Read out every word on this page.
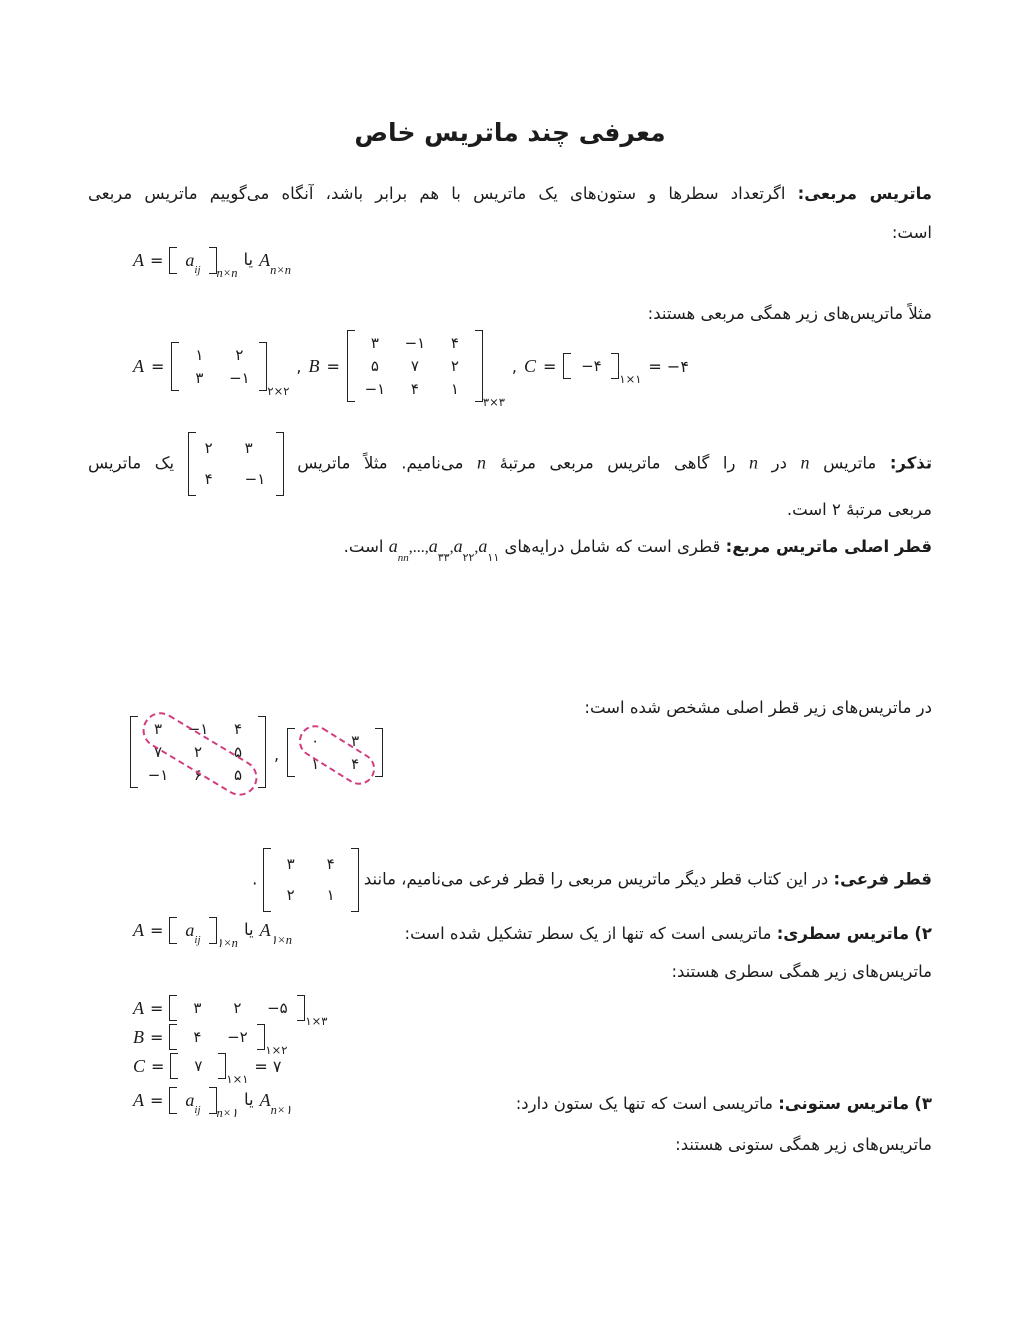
معرفی چند ماتریس خاص
ماتریس مربعی: اگرتعداد سطرها و ستون‌های یک ماتریس با هم برابر باشد، آنگاه می‌گوییم ماتریس مربعی
است:
$A = a_{ij}$ $_{n\times n}$
یا $A_{n\times n}$
مثلاً ماتریس‌های زیر همگی مربعی هستند:
A =
۱	۲
۳	−۱
$_{۲\times ۲}$
, B =
۳	−۱	۴
۵	۷	۲
−۱	۴	۱
$_{۳\times ۳}$
, C = −۴
$_{۱\times ۱}$
= −۴
تذکر: ماتریس n در n را گاهی ماتریس مربعی مرتبهٔ n می‌نامیم. مثلاً ماتریس
۲	۳
۴	−۱
یک ماتریس
مربعی مرتبهٔ ۲ است.
قطر اصلی ماتریس مربع: قطری است که شامل درایه‌های $a_{nn},...,a_{۳۳},a_{۲۲},a_{۱۱}$ است.
در ماتریس‌های زیر قطر اصلی مشخص شده است:
۳	−۱	۴
۷	۲	۵
−۱	۶	۵
,
۰	۳
۱	۴
قطر فرعی: در این کتاب قطر دیگر ماتریس مربعی را قطر فرعی می‌نامیم، مانند
۳	۴
۲	۱
.
۲) ماتریس سطری: ماتریسی است که تنها از یک سطر تشکیل شده است:
$A = a_{ij}$ $_{۱\times n}$
یا $A_{۱\times n}$
ماتریس‌های زیر همگی سطری هستند:
A =	۳	۲	−۵
$_{۱\times ۳}$
B =	۴	−۲
$_{۱\times ۲}$
C =	۷
$_{۱\times ۱}$
= ۷
۳) ماتریس ستونی: ماتریسی است که تنها یک ستون دارد:
$A = a_{ij}$ $_{n\times ۱}$
یا $A_{n\times ۱}$
ماتریس‌های زیر همگی ستونی هستند:
